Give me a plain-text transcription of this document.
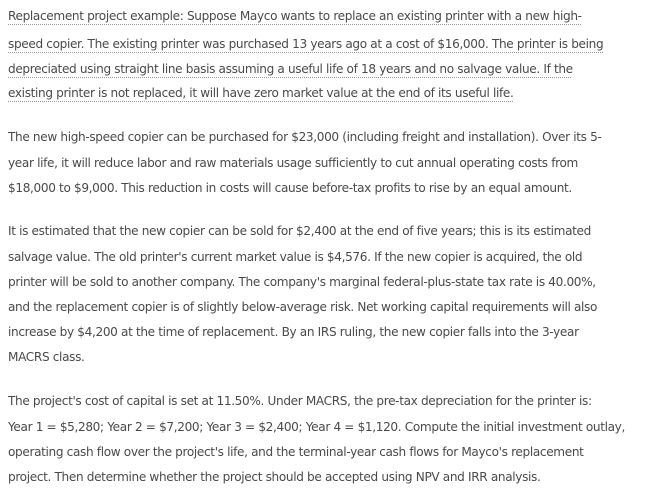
Replacement project example: Suppose Mayco wants to replace an existing printer with a new high-
speed copier. The existing printer was purchased 13 years ago at a cost of $16,000. The printer is being
depreciated using straight line basis assuming a useful life of 18 years and no salvage value. If the
existing printer is not replaced, it will have zero market value at the end of its useful life.
The new high-speed copier can be purchased for $23,000 (including freight and installation). Over its 5-
year life, it will reduce labor and raw materials usage sufficiently to cut annual operating costs from
$18,000 to $9,000. This reduction in costs will cause before-tax profits to rise by an equal amount.
It is estimated that the new copier can be sold for $2,400 at the end of five years; this is its estimated
salvage value. The old printer's current market value is $4,576. If the new copier is acquired, the old
printer will be sold to another company. The company's marginal federal-plus-state tax rate is 40.00%,
and the replacement copier is of slightly below-average risk. Net working capital requirements will also
increase by $4,200 at the time of replacement. By an IRS ruling, the new copier falls into the 3-year
MACRS class.
The project's cost of capital is set at 11.50%. Under MACRS, the pre-tax depreciation for the printer is:
Year 1 = $5,280; Year 2 = $7,200; Year 3 = $2,400; Year 4 = $1,120. Compute the initial investment outlay,
operating cash flow over the project's life, and the terminal-year cash flows for Mayco's replacement
project. Then determine whether the project should be accepted using NPV and IRR analysis.
